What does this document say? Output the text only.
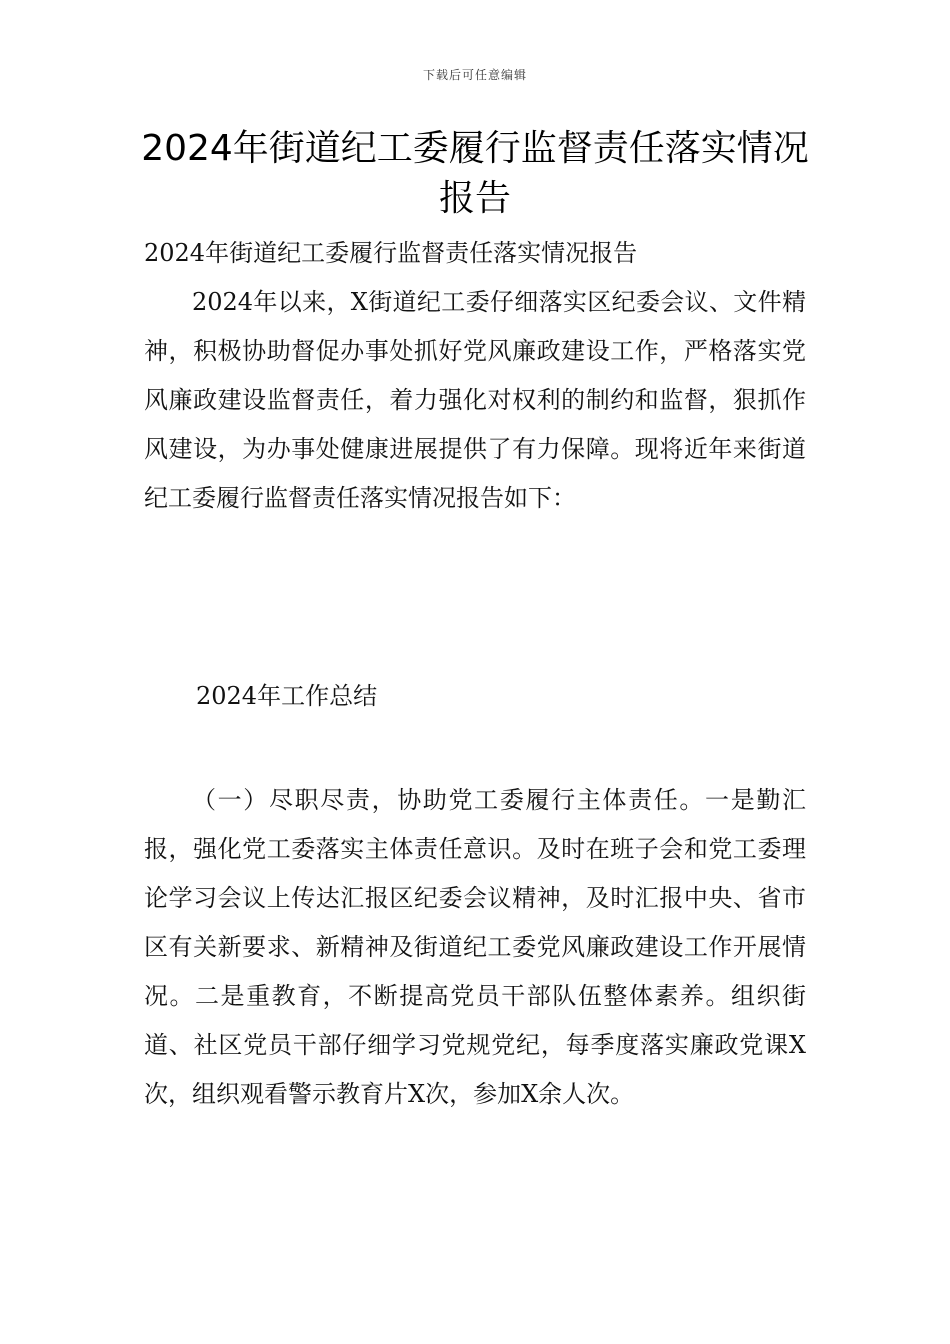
下载后可任意编辑
2024年街道纪工委履行监督责任落实情况报告

2024年街道纪工委履行监督责任落实情况报告

2024年以来，X街道纪工委仔细落实区纪委会议、文件精神，积极协助督促办事处抓好党风廉政建设工作，严格落实党风廉政建设监督责任，着力强化对权利的制约和监督，狠抓作风建设，为办事处健康进展提供了有力保障。现将近年来街道纪工委履行监督责任落实情况报告如下：

2024年工作总结

（一）尽职尽责，协助党工委履行主体责任。一是勤汇报，强化党工委落实主体责任意识。及时在班子会和党工委理论学习会议上传达汇报区纪委会议精神，及时汇报中央、省市区有关新要求、新精神及街道纪工委党风廉政建设工作开展情况。二是重教育，不断提高党员干部队伍整体素养。组织街道、社区党员干部仔细学习党规党纪，每季度落实廉政党课X次，组织观看警示教育片X次，参加X余人次。
